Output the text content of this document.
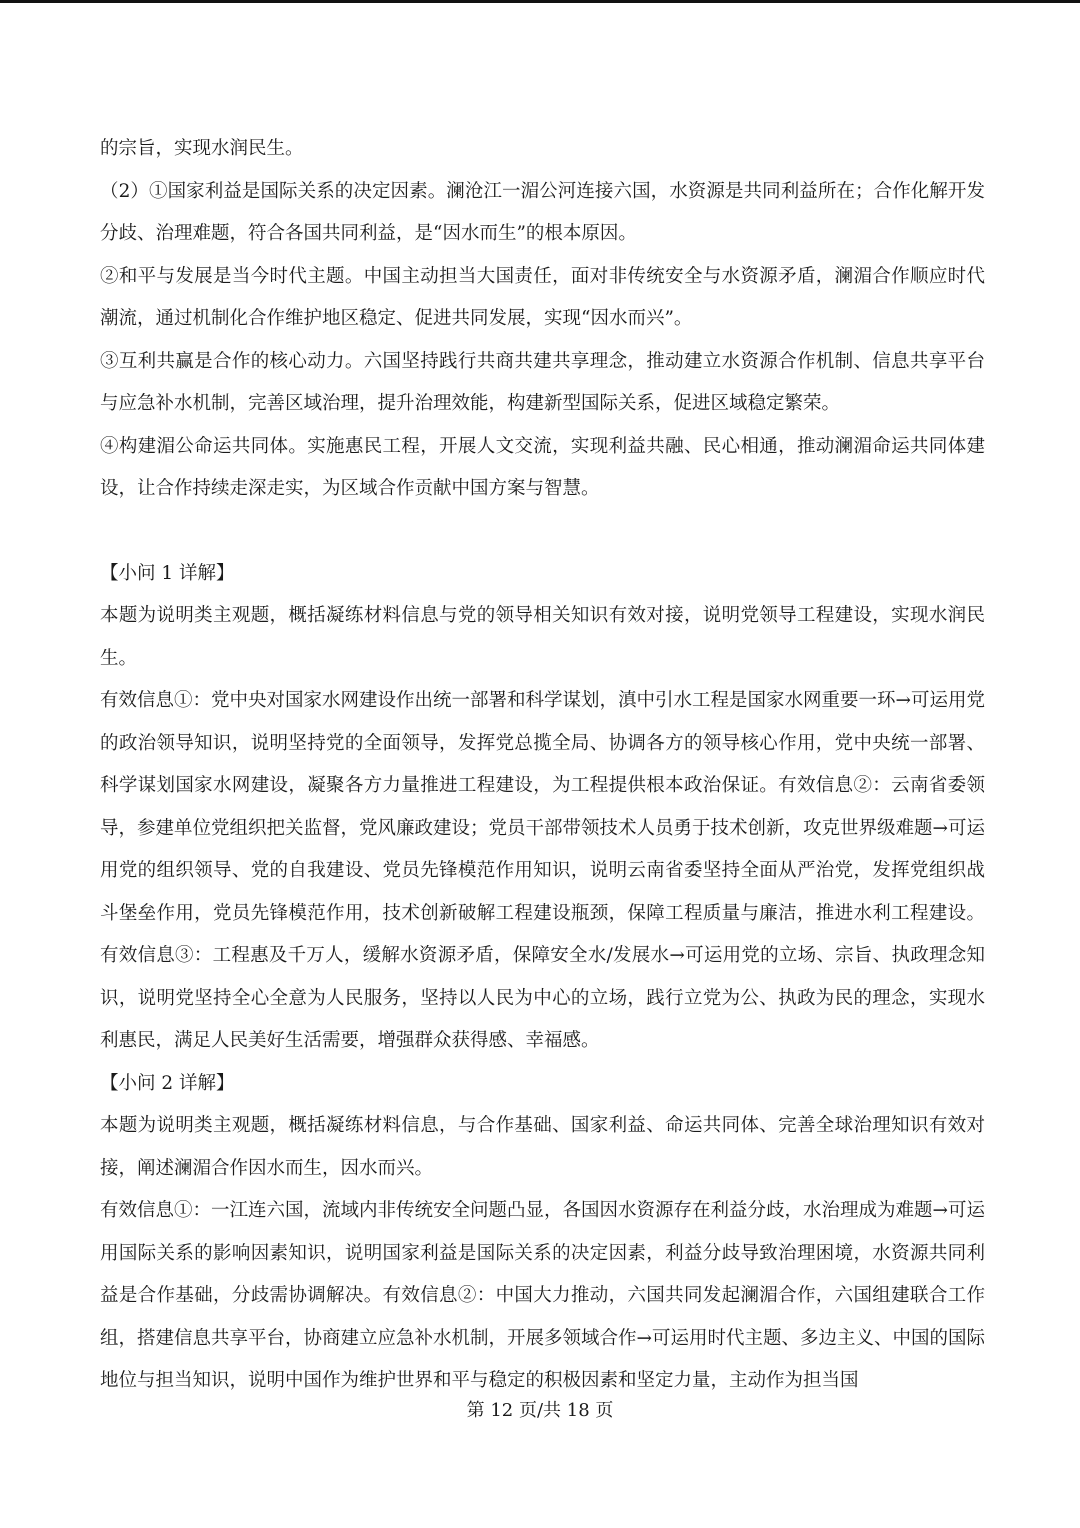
的宗旨，实现水润民生。

（2）①国家利益是国际关系的决定因素。澜沧江一湄公河连接六国，水资源是共同利益所在；合作化解开发分歧、治理难题，符合各国共同利益，是“因水而生”的根本原因。

②和平与发展是当今时代主题。中国主动担当大国责任，面对非传统安全与水资源矛盾，澜湄合作顺应时代潮流，通过机制化合作维护地区稳定、促进共同发展，实现“因水而兴”。

③互利共赢是合作的核心动力。六国坚持践行共商共建共享理念，推动建立水资源合作机制、信息共享平台与应急补水机制，完善区域治理，提升治理效能，构建新型国际关系，促进区域稳定繁荣。

④构建湄公命运共同体。实施惠民工程，开展人文交流，实现利益共融、民心相通，推动澜湄命运共同体建设，让合作持续走深走实，为区域合作贡献中国方案与智慧。

【小问 1 详解】

本题为说明类主观题，概括凝练材料信息与党的领导相关知识有效对接，说明党领导工程建设，实现水润民生。

有效信息①：党中央对国家水网建设作出统一部署和科学谋划，滇中引水工程是国家水网重要一环→可运用党的政治领导知识，说明坚持党的全面领导，发挥党总揽全局、协调各方的领导核心作用，党中央统一部署、科学谋划国家水网建设，凝聚各方力量推进工程建设，为工程提供根本政治保证。有效信息②：云南省委领导，参建单位党组织把关监督，党风廉政建设；党员干部带领技术人员勇于技术创新，攻克世界级难题→可运用党的组织领导、党的自我建设、党员先锋模范作用知识，说明云南省委坚持全面从严治党，发挥党组织战斗堡垒作用，党员先锋模范作用，技术创新破解工程建设瓶颈，保障工程质量与廉洁，推进水利工程建设。有效信息③：工程惠及千万人，缓解水资源矛盾，保障安全水/发展水→可运用党的立场、宗旨、执政理念知识，说明党坚持全心全意为人民服务，坚持以人民为中心的立场，践行立党为公、执政为民的理念，实现水利惠民，满足人民美好生活需要，增强群众获得感、幸福感。

【小问 2 详解】

本题为说明类主观题，概括凝练材料信息，与合作基础、国家利益、命运共同体、完善全球治理知识有效对接，阐述澜湄合作因水而生，因水而兴。

有效信息①：一江连六国，流域内非传统安全问题凸显，各国因水资源存在利益分歧，水治理成为难题→可运用国际关系的影响因素知识，说明国家利益是国际关系的决定因素，利益分歧导致治理困境，水资源共同利益是合作基础，分歧需协调解决。有效信息②：中国大力推动，六国共同发起澜湄合作，六国组建联合工作组，搭建信息共享平台，协商建立应急补水机制，开展多领域合作→可运用时代主题、多边主义、中国的国际地位与担当知识，说明中国作为维护世界和平与稳定的积极因素和坚定力量，主动作为担当国

第 12 页/共 18 页
